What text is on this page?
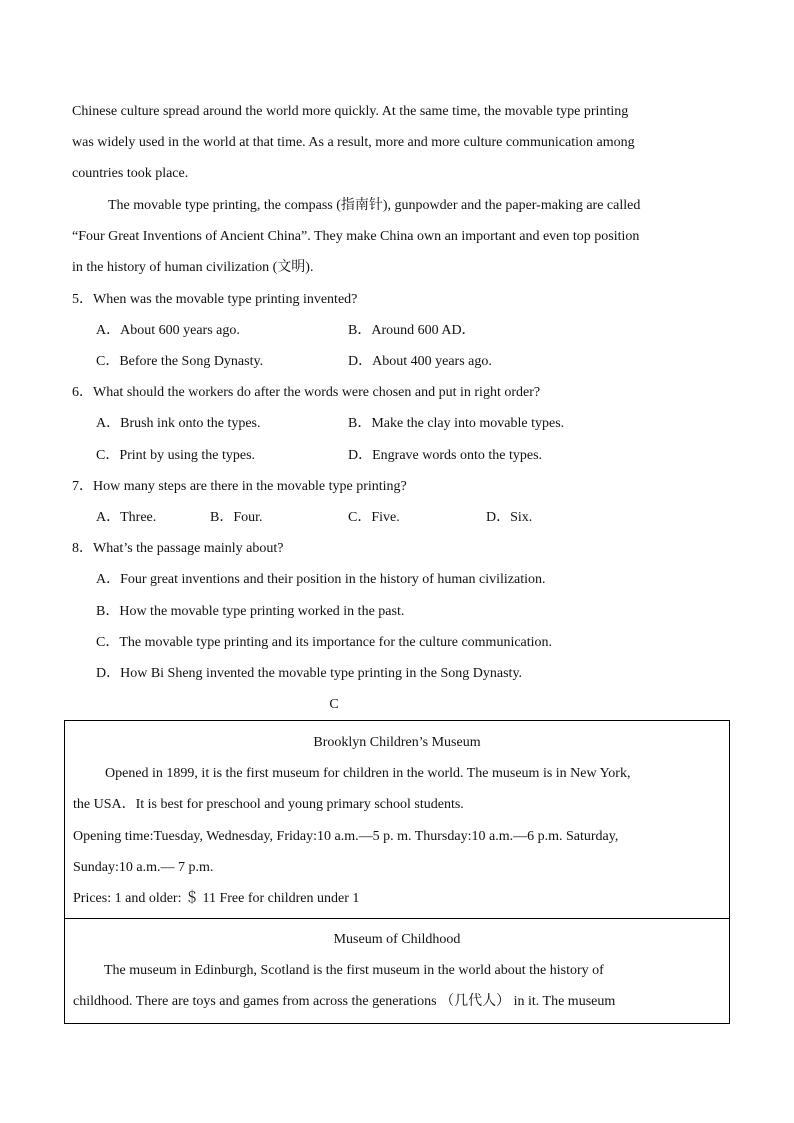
Chinese culture spread around the world more quickly. At the same time, the movable type printing
was widely used in the world at that time. As a result, more and more culture communication among
countries took place.
The movable type printing, the compass (指南针), gunpowder and the paper-making are called
“Four Great Inventions of Ancient China”. They make China own an important and even top position
in the history of human civilization (文明).
5．When was the movable type printing invented?
A．About 600 years ago.	B．Around 600 AD．
C．Before the Song Dynasty.	D．About 400 years ago.
6．What should the workers do after the words were chosen and put in right order?
A．Brush ink onto the types.	B．Make the clay into movable types.
C．Print by using the types.	D．Engrave words onto the types.
7．How many steps are there in the movable type printing?
A．Three.	B．Four.	C．Five.	D．Six.
8．What’s the passage mainly about?
A．Four great inventions and their position in the history of human civilization.
B．How the movable type printing worked in the past.
C．The movable type printing and its importance for the culture communication.
D．How Bi Sheng invented the movable type printing in the Song Dynasty.
C
Brooklyn Children’s Museum
Opened in 1899, it is the first museum for children in the world. The museum is in New York,
the USA．It is best for preschool and young primary school students.
Opening time:Tuesday, Wednesday, Friday:10 a.m.—5 p. m. Thursday:10 a.m.—6 p.m. Saturday,
Sunday:10 a.m.— 7 p.m.
Prices: 1 and older: ＄ 11 Free for children under 1

Museum of Childhood
The museum in Edinburgh, Scotland is the first museum in the world about the history of
childhood. There are toys and games from across the generations （几代人） in it. The museum
